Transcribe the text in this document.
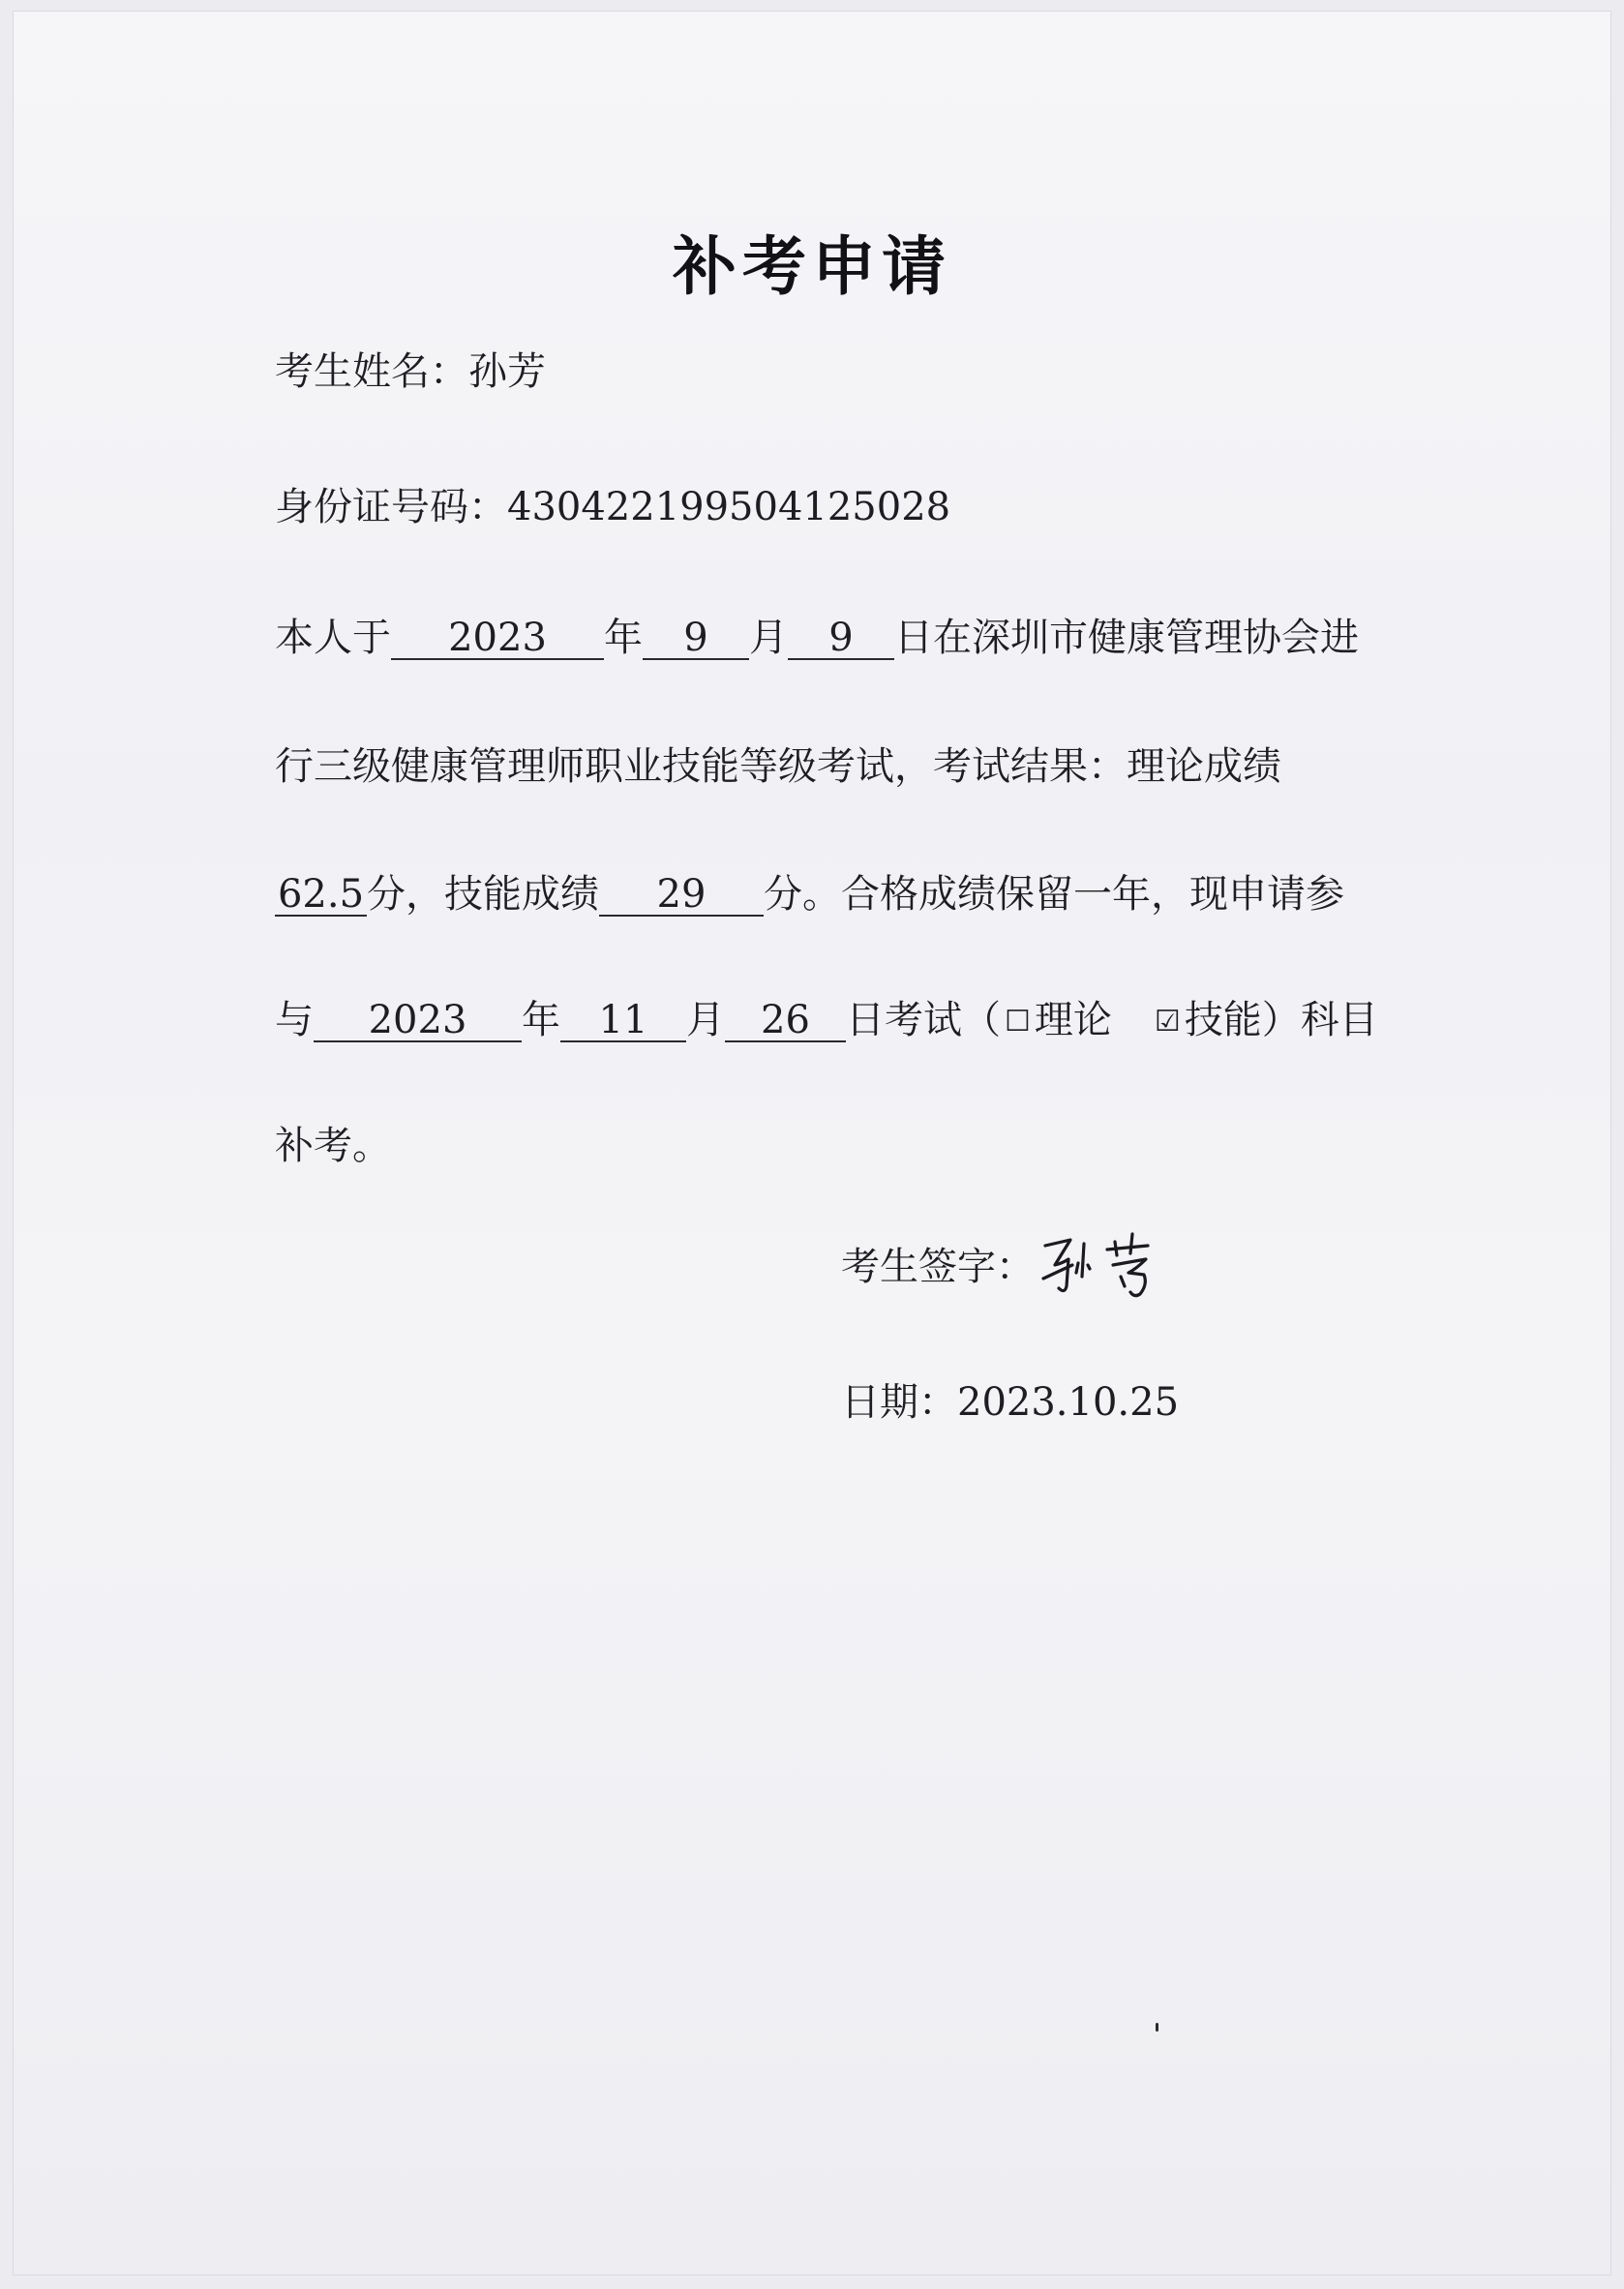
补考申请
考生姓名：孙芳
身份证号码：430422199504125028
本人于 2023 年 9 月 9 日在深圳市健康管理协会进
行三级健康管理师职业技能等级考试，考试结果：理论成绩
62.5分，技能成绩 29 分。合格成绩保留一年，现申请参
与 2023 年 11 月 26 日考试（ ☐ 理论 ☑ 技能）科目
补考。
考生签字：
日期：2023.10.25
